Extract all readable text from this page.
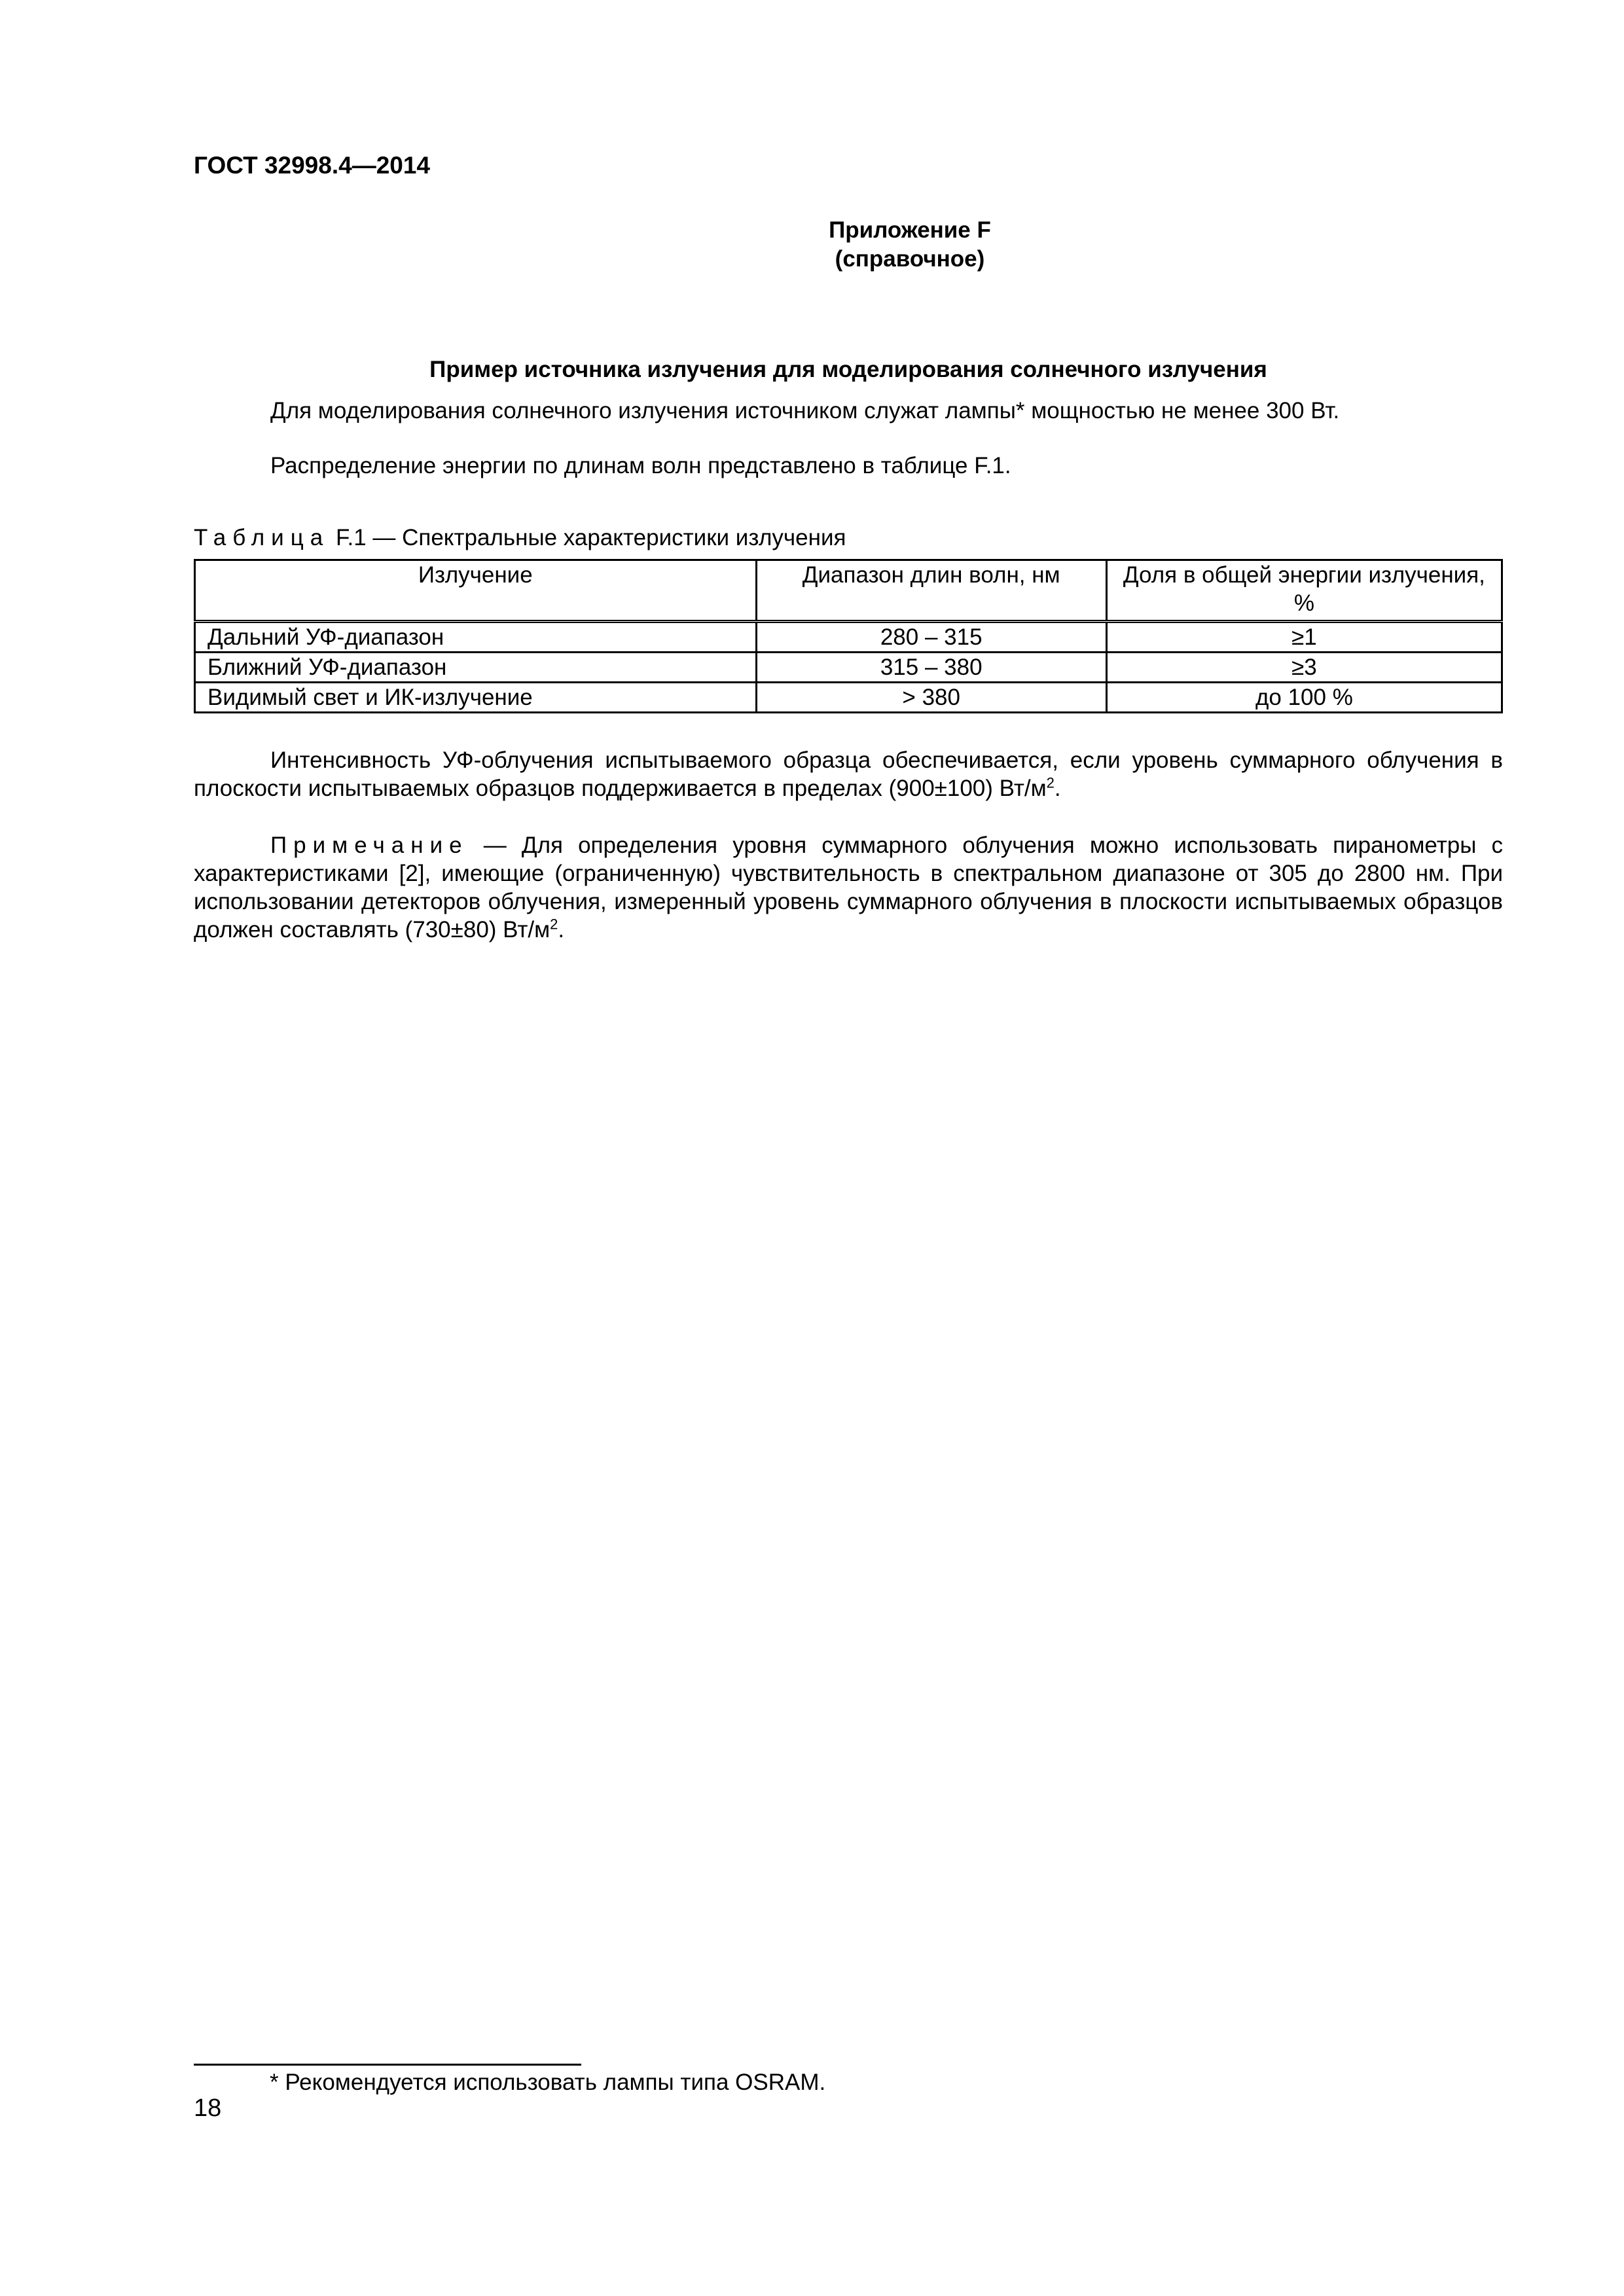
ГОСТ 32998.4—2014
Приложение F
(справочное)
Пример источника излучения для моделирования солнечного излучения

Для моделирования солнечного излучения источником служат лампы* мощностью не менее 300 Вт.

Распределение энергии по длинам волн представлено в таблице F.1.

Таблица F.1 — Спектральные характеристики излучения
Излучение	Диапазон длин волн, нм	Доля в общей энергии излучения, %
Дальний УФ-диапазон	280 – 315	≥1
Ближний УФ-диапазон	315 – 380	≥3
Видимый свет и ИК-излучение	> 380	до 100 %

Интенсивность УФ-облучения испытываемого образца обеспечивается, если уровень суммарного облучения в плоскости испытываемых образцов поддерживается в пределах (900±100) $Вт/м^2$.

Примечание — Для определения уровня суммарного облучения можно использовать пиранометры с характеристиками [2], имеющие (ограниченную) чувствительность в спектральном диапазоне от 305 до 2800 нм. При использовании детекторов облучения, измеренный уровень суммарного облучения в плоскости испытываемых образцов должен составлять (730±80) $Вт/м^2$.

* Рекомендуется использовать лампы типа OSRAM.
18
